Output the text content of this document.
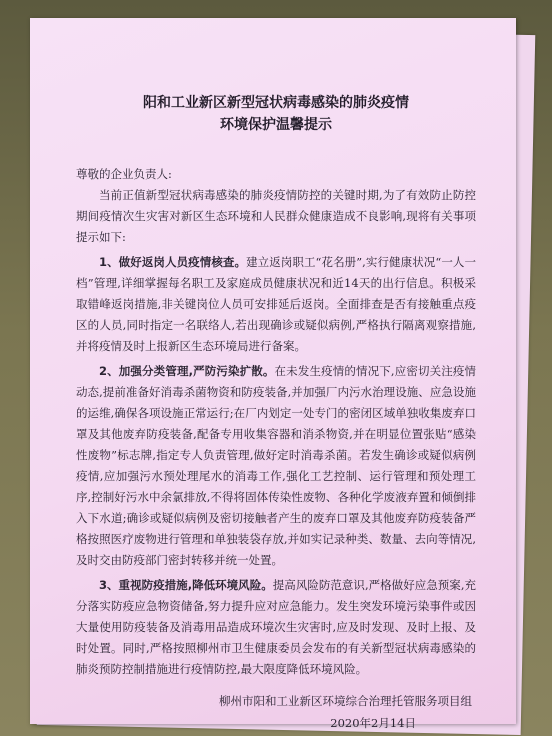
阳和工业新区新型冠状病毒感染的肺炎疫情
环境保护温馨提示

尊敬的企业负责人:

当前正值新型冠状病毒感染的肺炎疫情防控的关键时期,为了有效防止防控期间疫情次生灾害对新区生态环境和人民群众健康造成不良影响,现将有关事项提示如下:

1、做好返岗人员疫情核查。建立返岗职工“花名册”,实行健康状况“一人一档”管理,详细掌握每名职工及家庭成员健康状况和近14天的出行信息。积极采取错峰返岗措施,非关键岗位人员可安排延后返岗。全面排查是否有接触重点疫区的人员,同时指定一名联络人,若出现确诊或疑似病例,严格执行隔离观察措施,并将疫情及时上报新区生态环境局进行备案。

2、加强分类管理,严防污染扩散。在未发生疫情的情况下,应密切关注疫情动态,提前准备好消毒杀菌物资和防疫装备,并加强厂内污水治理设施、应急设施的运维,确保各项设施正常运行;在厂内划定一处专门的密闭区域单独收集废弃口罩及其他废弃防疫装备,配备专用收集容器和消杀物资,并在明显位置张贴“感染性废物”标志牌,指定专人负责管理,做好定时消毒杀菌。若发生确诊或疑似病例疫情,应加强污水预处理尾水的消毒工作,强化工艺控制、运行管理和预处理工序,控制好污水中余氯排放,不得将固体传染性废物、各种化学废液弃置和倾倒排入下水道;确诊或疑似病例及密切接触者产生的废弃口罩及其他废弃防疫装备严格按照医疗废物进行管理和单独装袋存放,并如实记录种类、数量、去向等情况,及时交由防疫部门密封转移并统一处置。

3、重视防疫措施,降低环境风险。提高风险防范意识,严格做好应急预案,充分落实防疫应急物资储备,努力提升应对应急能力。发生突发环境污染事件或因大量使用防疫装备及消毒用品造成环境次生灾害时,应及时发现、及时上报、及时处置。同时,严格按照柳州市卫生健康委员会发布的有关新型冠状病毒感染的肺炎预防控制措施进行疫情防控,最大限度降低环境风险。

柳州市阳和工业新区环境综合治理托管服务项目组
2020年2月14日
